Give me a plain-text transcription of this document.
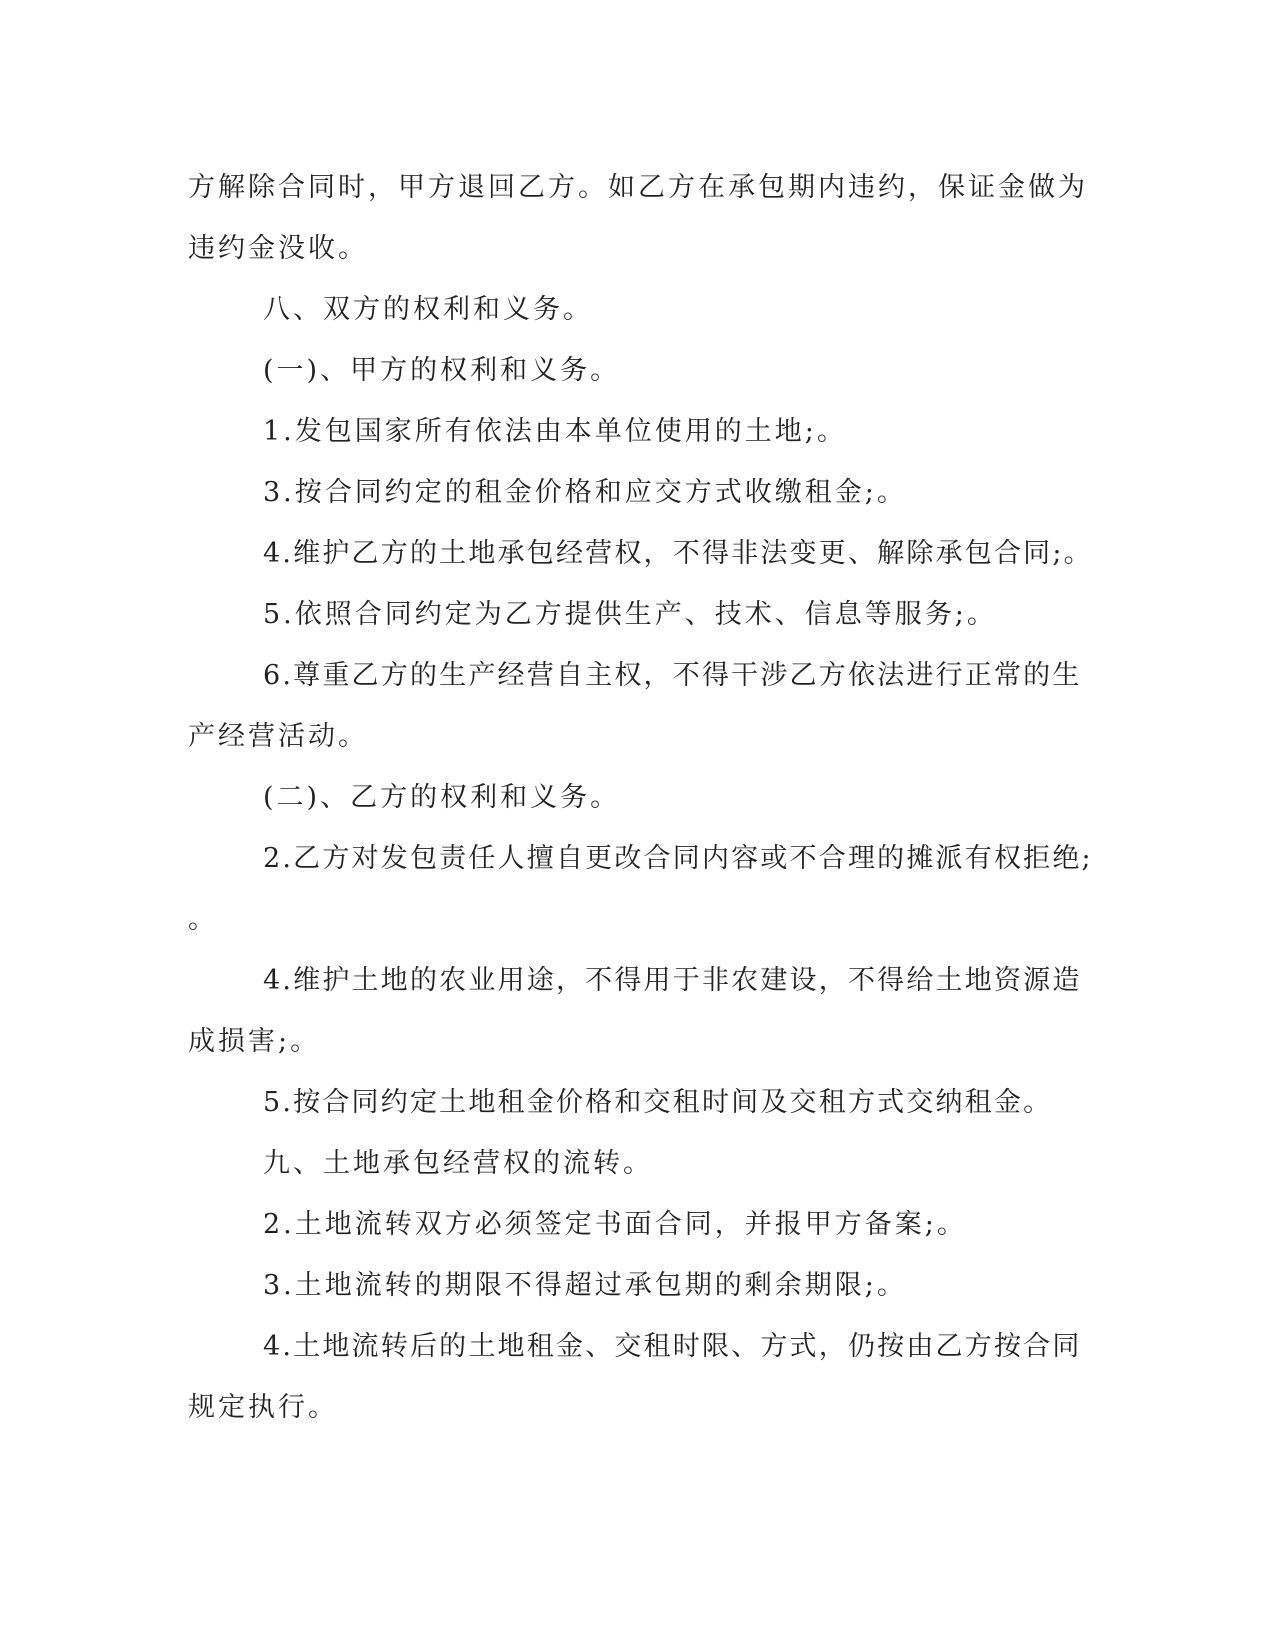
方解除合同时，甲方退回乙方。如乙方在承包期内违约，保证金做为

违约金没收。

八、双方的权利和义务。

(一)、甲方的权利和义务。

1.发包国家所有依法由本单位使用的土地;。

3.按合同约定的租金价格和应交方式收缴租金;。

4.维护乙方的土地承包经营权，不得非法变更、解除承包合同;。

5.依照合同约定为乙方提供生产、技术、信息等服务;。

6.尊重乙方的生产经营自主权，不得干涉乙方依法进行正常的生

产经营活动。

(二)、乙方的权利和义务。

2.乙方对发包责任人擅自更改合同内容或不合理的摊派有权拒绝;

。

4.维护土地的农业用途，不得用于非农建设，不得给土地资源造

成损害;。

5.按合同约定土地租金价格和交租时间及交租方式交纳租金。

九、土地承包经营权的流转。

2.土地流转双方必须签定书面合同，并报甲方备案;。

3.土地流转的期限不得超过承包期的剩余期限;。

4.土地流转后的土地租金、交租时限、方式，仍按由乙方按合同

规定执行。
